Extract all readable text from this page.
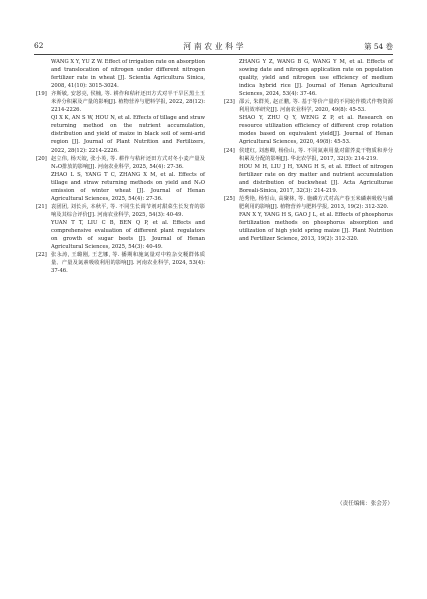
62	河 南 农 业 科 学	第 54 卷

WANG X Y, YU Z W. Effect of irrigation rate on absorption and translocation of nitrogen under different nitrogen fertilizer rate in wheat [J]. Scientia Agricultura Sinica, 2008, 41(10): 3015-3024.

[19] 齐斯敏, 安怒亮, 侯楠, 等. 耕作和秸秆还田方式对半干旱区黑土玉米养分积累及产量的影响[J]. 植物营养与肥料学报, 2022, 28(12): 2214-2226.

QI X K, AN S W, HOU N, et al. Effects of tillage and straw returning method on the nutrient accumulation, distribution and yield of maize in black soil of semi-arid region [J]. Journal of Plant Nutrition and Fertilizers, 2022, 28(12): 2214-2226.

[20] 赵立伟, 杨天皎, 张小英, 等. 耕作与秸秆还田方式对冬小麦产量及N₂O排放的影响[J]. 河南农业科学, 2025, 54(4): 27-36.

ZHAO L S, YANG T C, ZHANG X M, et al. Effects of tillage and straw returning methods on yield and N₂O emission of winter wheat [J]. Journal of Henan Agricultural Sciences, 2025, 54(4): 27-36.

[21] 袁团团, 刘长兵, 本秋平, 等. 不同生长调节剂对甜菜生长发育的影响及其综合评价[J]. 河南农业科学, 2025, 54(3): 40-49.

YUAN T T, LIU C B, BEN Q P, et al. Effects and comprehensive evaluation of different plant regulators on growth of sugar beets [J]. Journal of Henan Agricultural Sciences, 2025, 54(3): 40-49.

[22] 张永涛, 王璐刚, 王艺娜, 等. 播期和施氮量对中粒杂交粳群体质量、产量及氮素吸收利用的影响[J]. 河南农业科学, 2024, 53(4): 37-46.

ZHANG Y Z, WANG B G, WANG Y M, et al. Effects of sowing date and nitrogen application rate on population quality, yield and nitrogen use efficiency of medium indica hybrid rice [J]. Journal of Henan Agricultural Sciences, 2024, 53(4): 37-46.

[23] 邵云, 朱群英, 赵正鹏, 等. 基于等价产量的不同轮作模式作物资源利用效率研究[J]. 河南农业科学, 2020, 49(8): 45-53.

SHAO Y, ZHU Q Y, WENG Z P, et al. Research on resource utilization efficiency of different crop rotation modes based on equivalent yield[J]. Journal of Henan Agricultural Sciences, 2020, 49(8): 45-53.

[24] 侯建红, 刘惠卿, 杨俭山, 等. 不同氮素用量对甜荞麦干物质和养分积累及分配的影响[J]. 华北农学报, 2017, 32(3): 214-219.

HOU M H, LIU J H, YANG H S, et al. Effect of nitrogen fertilizer rate on dry matter and nutrient accumulation and distribution of buckwheat [J]. Acta Agriculturae Boreali-Sinica, 2017, 32(3): 214-219.

[25] 范秀艳, 杨恒山, 高聚林, 等. 施磷方式对高产春玉米磷素吸收与磷肥利用的影响[J]. 植物营养与肥料学报, 2013, 19(2): 312-320.

FAN X Y, YANG H S, GAO J L, et al. Effects of phosphorus fertilization methods on phosphorus absorption and utilization of high yield spring maize [J]. Plant Nutrition and Fertilizer Science, 2013, 19(2): 312-320.

（责任编辑：张会芳）
